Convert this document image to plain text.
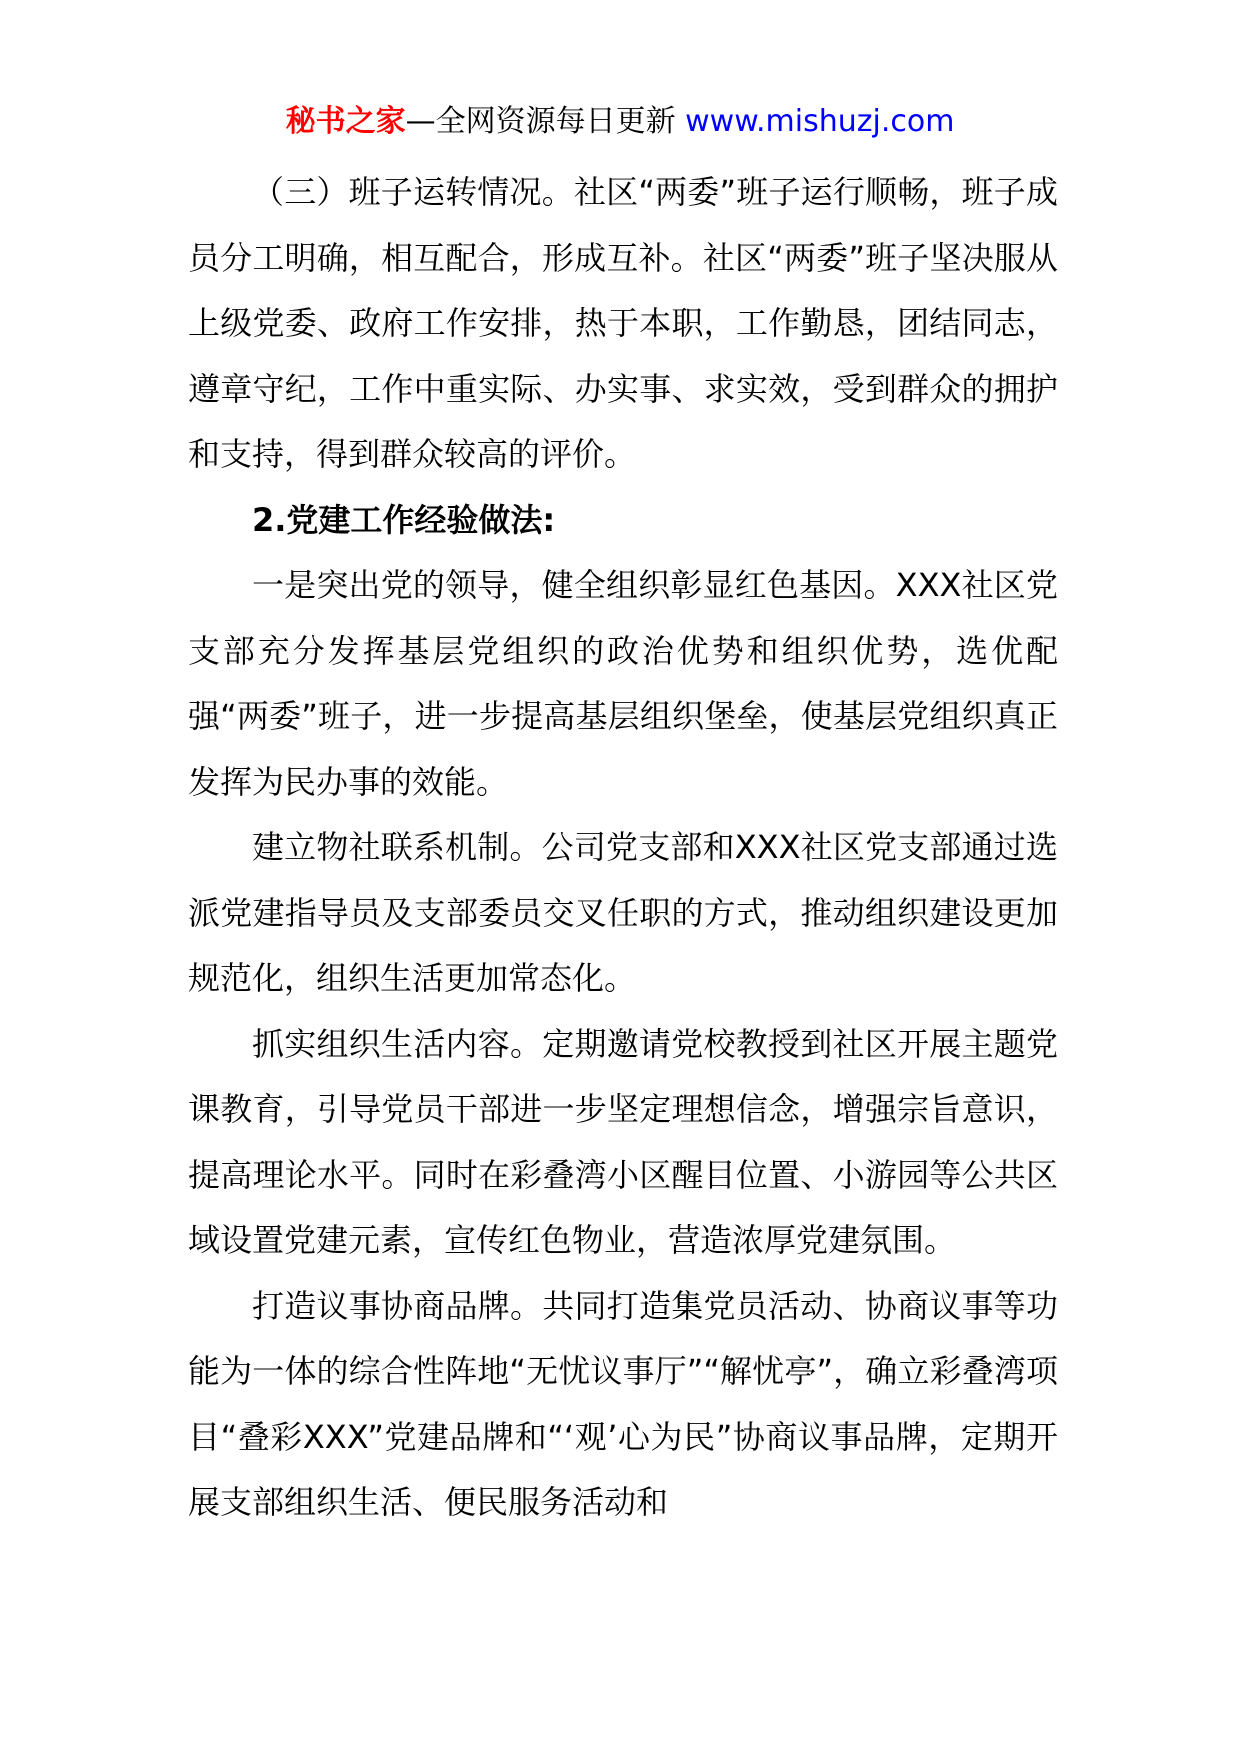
秘书之家—全网资源每日更新 www.mishuzj.com

（三）班子运转情况。社区“两委”班子运行顺畅，班子成员分工明确，相互配合，形成互补。社区“两委”班子坚决服从上级党委、政府工作安排，热于本职，工作勤恳，团结同志，遵章守纪，工作中重实际、办实事、求实效，受到群众的拥护和支持，得到群众较高的评价。

2.党建工作经验做法:

一是突出党的领导，健全组织彰显红色基因。XXX社区党支部充分发挥基层党组织的政治优势和组织优势，选优配强“两委”班子，进一步提高基层组织堡垒，使基层党组织真正发挥为民办事的效能。

建立物社联系机制。公司党支部和XXX社区党支部通过选派党建指导员及支部委员交叉任职的方式，推动组织建设更加规范化，组织生活更加常态化。

抓实组织生活内容。定期邀请党校教授到社区开展主题党课教育，引导党员干部进一步坚定理想信念，增强宗旨意识，提高理论水平。同时在彩叠湾小区醒目位置、小游园等公共区域设置党建元素，宣传红色物业，营造浓厚党建氛围。

打造议事协商品牌。共同打造集党员活动、协商议事等功能为一体的综合性阵地“无忧议事厅”“解忧亭”，确立彩叠湾项目“叠彩XXX”党建品牌和“‘观’心为民”协商议事品牌，定期开展支部组织生活、便民服务活动和
